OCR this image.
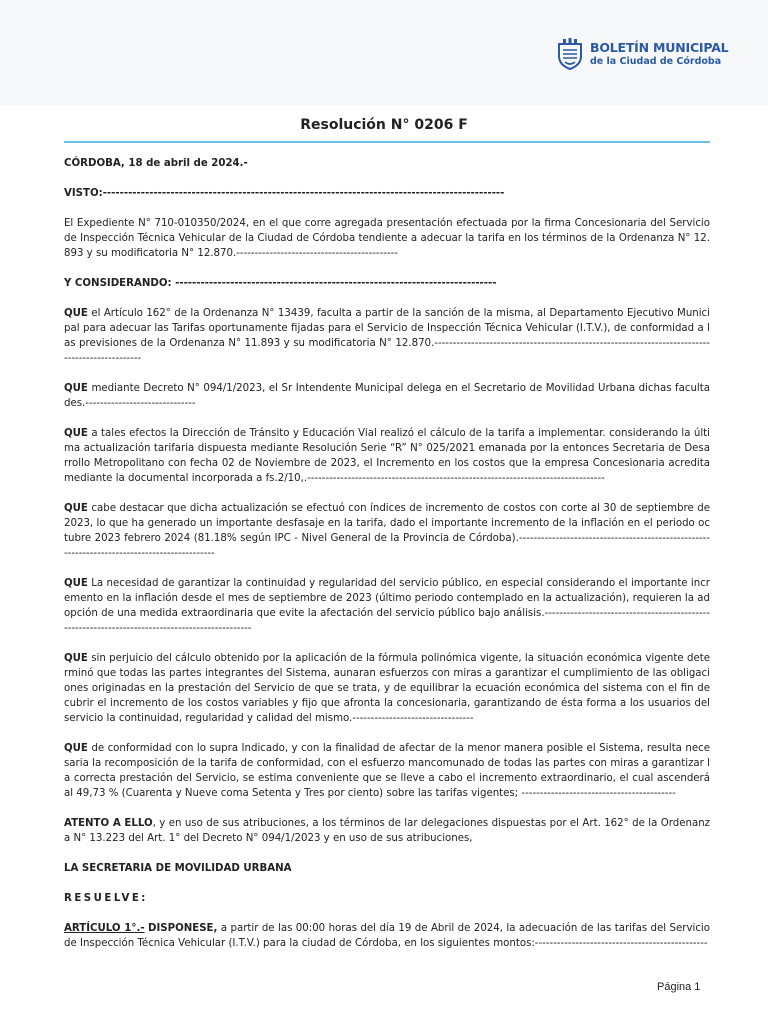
BOLETÍN MUNICIPAL
de la Ciudad de Córdoba
Resolución N° 0206 F

CÓRDOBA, 18 de abril de 2024.-

VISTO:-----------------------------------------------------------------------------------------------

El Expediente N° 710-010350/2024, en el que corre agregada presentación efectuada por la firma Concesionaria del Servicio de Inspección Técnica Vehicular de la Ciudad de Córdoba tendiente a adecuar la tarifa en los términos de la Ordenanza N° 12.893 y su modificatoria N° 12.870.--------------------------------------------

Y CONSIDERANDO: ----------------------------------------------------------------------------

QUE el Artículo 162° de la Ordenanza N° 13439, faculta a partir de la sanción de la misma, al Departamento Ejecutivo Municipal para adecuar las Tarifas oportunamente fijadas para el Servicio de Inspección Técnica Vehicular (I.T.V.), de conformidad a las previsiones de la Ordenanza N° 11.893 y su modificatoria N° 12.870.------------------------------------------------------------------------------------------------

QUE mediante Decreto N° 094/1/2023, el Sr Intendente Municipal delega en el Secretario de Movilidad Urbana dichas facultades.------------------------------

QUE a tales efectos la Dirección de Tránsito y Educación Vial realizó el cálculo de la tarifa a implementar. considerando la última actualización tarifaria dispuesta mediante Resolución Serie “R” N° 025/2021 emanada por la entonces Secretaria de Desarrollo Metropolitano con fecha 02 de Noviembre de 2023, el Incremento en los costos que la empresa Concesionaria acredita mediante la documental incorporada a fs.2/10,.---------------------------------------------------------------------------------

QUE cabe destacar que dicha actualización se efectuó con índices de incremento de costos con corte al 30 de septiembre de 2023, lo que ha generado un importante desfasaje en la tarifa, dado el importante incremento de la inflación en el periodo octubre 2023 febrero 2024 (81.18% según IPC - Nivel General de la Provincia de Córdoba).---------------------------------------------------------------------------------------------

QUE La necesidad de garantizar la continuidad y regularidad del servicio público, en especial considerando el importante incremento en la inflación desde el mes de septiembre de 2023 (último periodo contemplado en la actualización), requieren la adopción de una medida extraordinaria que evite la afectación del servicio público bajo análisis.------------------------------------------------------------------------------------------------

QUE sin perjuicio del cálculo obtenido por la aplicación de la fórmula polinómica vigente, la situación económica vigente determinó que todas las partes integrantes del Sistema, aunaran esfuerzos con miras a garantizar el cumplimiento de las obligaciones originadas en la prestación del Servicio de que se trata, y de equilibrar la ecuación económica del sistema con el fin de cubrir el incremento de los costos variables y fijo que afronta la concesionaria, garantizando de ésta forma a los usuarios del servicio la continuidad, regularidad y calidad del mismo.---------------------------------

QUE de conformidad con lo supra Indicado, y con la finalidad de afectar de la menor manera posible el Sistema, resulta necesaria la recomposición de la tarifa de conformidad, con el esfuerzo mancomunado de todas las partes con miras a garantizar la correcta prestación del Servicio, se estima conveniente que se lleve a cabo el incremento extraordinario, el cual ascenderá al 49,73 % (Cuarenta y Nueve coma Setenta y Tres por ciento) sobre las tarifas vigentes; ------------------------------------------

ATENTO A ELLO, y en uso de sus atribuciones, a los términos de lar delegaciones dispuestas por el Art. 162° de la Ordenanza N° 13.223 del Art. 1° del Decreto N° 094/1/2023 y en uso de sus atribuciones,

LA SECRETARIA DE MOVILIDAD URBANA

RESUELVE:

ARTÍCULO 1°.- DISPONESE, a partir de las 00:00 horas del día 19 de Abril de 2024, la adecuación de las tarifas del Servicio de Inspección Técnica Vehicular (I.T.V.) para la ciudad de Córdoba, en los siguientes montos:-----------------------------------------------

Página 1
